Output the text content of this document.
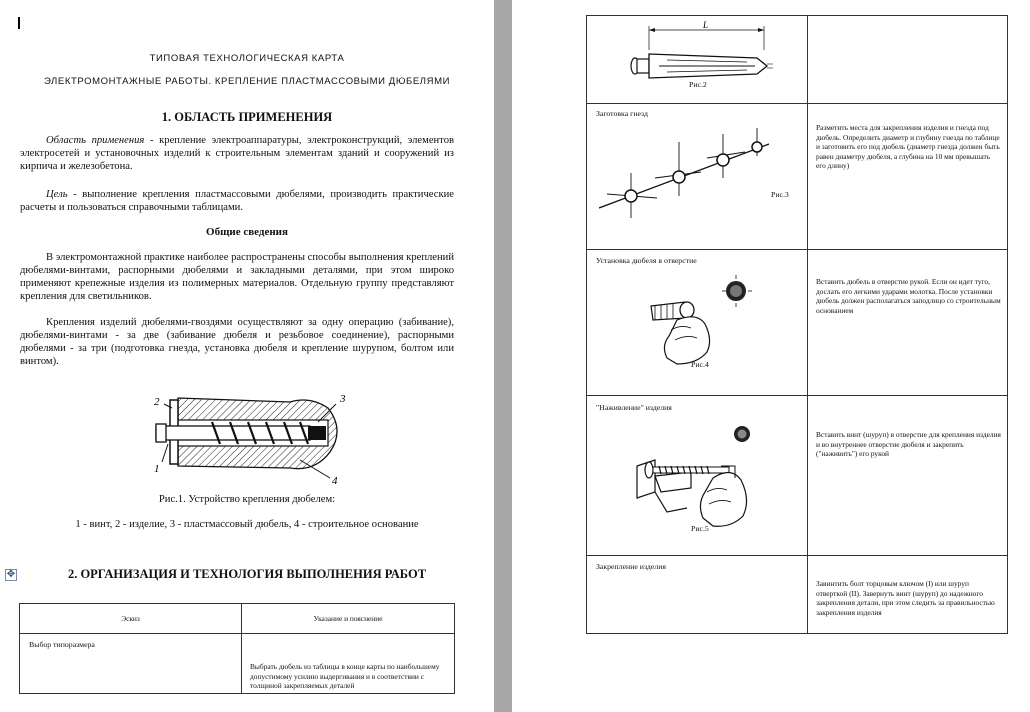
ТИПОВАЯ ТЕХНОЛОГИЧЕСКАЯ КАРТА
ЭЛЕКТРОМОНТАЖНЫЕ РАБОТЫ. КРЕПЛЕНИЕ ПЛАСТМАССОВЫМИ ДЮБЕЛЯМИ
1. ОБЛАСТЬ ПРИМЕНЕНИЯ

Область применения - крепление электроаппаратуры, электроконструкций, элементов электросетей и установочных изделий к строительным элементам зданий и сооружений из кирпича и железобетона.

Цель - выполнение крепления пластмассовыми дюбелями, производить практические расчеты и пользоваться справочными таблицами.

Общие сведения

В электромонтажной практике наиболее распространены способы выполнения креплений дюбелями-винтами, распорными дюбелями и закладными деталями, при этом широко применяют крепежные изделия из полимерных материалов. Отдельную группу представляют крепления для светильников.

Крепления изделий дюбелями-гвоздями осуществляют за одну операцию (забивание), дюбелями-винтами - за две (забивание дюбеля и резьбовое соединение), распорными дюбелями - за три (подготовка гнезда, установка дюбеля и крепление шурупом, болтом или винтом).

2
1
3
4
Рис.1. Устройство крепления дюбелем:
1 - винт, 2 - изделие, 3 - пластмассовый дюбель, 4 - строительное основание
✥	2. ОРГАНИЗАЦИЯ И ТЕХНОЛОГИЯ ВЫПОЛНЕНИЯ РАБОТ
Эскиз	Указание и пояснение

Выбор типоразмера	Выбрать дюбель из таблицы в конце карты по наибольшему допустимому усилию выдергивания и в соответствии с толщиной закрепляемых деталей
L
Рис.2	

Заготовка гнезд
Рис.3	Разметить места для закрепления изделия и гнезда под дюбель. Определить диаметр и глубину гнезда по таблице и заготовить его под дюбель (диаметр гнезда должен быть равен диаметру дюбеля, а глубина на 10 мм превышать его длину)

Установка дюбеля в отверстие
Рис.4	Вставить дюбель в отверстие рукой. Если он идет туго, дослать его легкими ударами молотка. После установки дюбель должен располагаться заподлицо со строительным основанием

"Наживление" изделия
Рис.5	Вставить винт (шуруп) в отверстие для крепления изделия и во внутреннее отверстие дюбеля и закрепить ("наживить") его рукой

Закрепление изделия	Завинтить болт торцовым ключом (I) или шуруп отверткой (II). Завернуть винт (шуруп) до надежного закрепления детали, при этом следить за правильностью закрепления изделия
